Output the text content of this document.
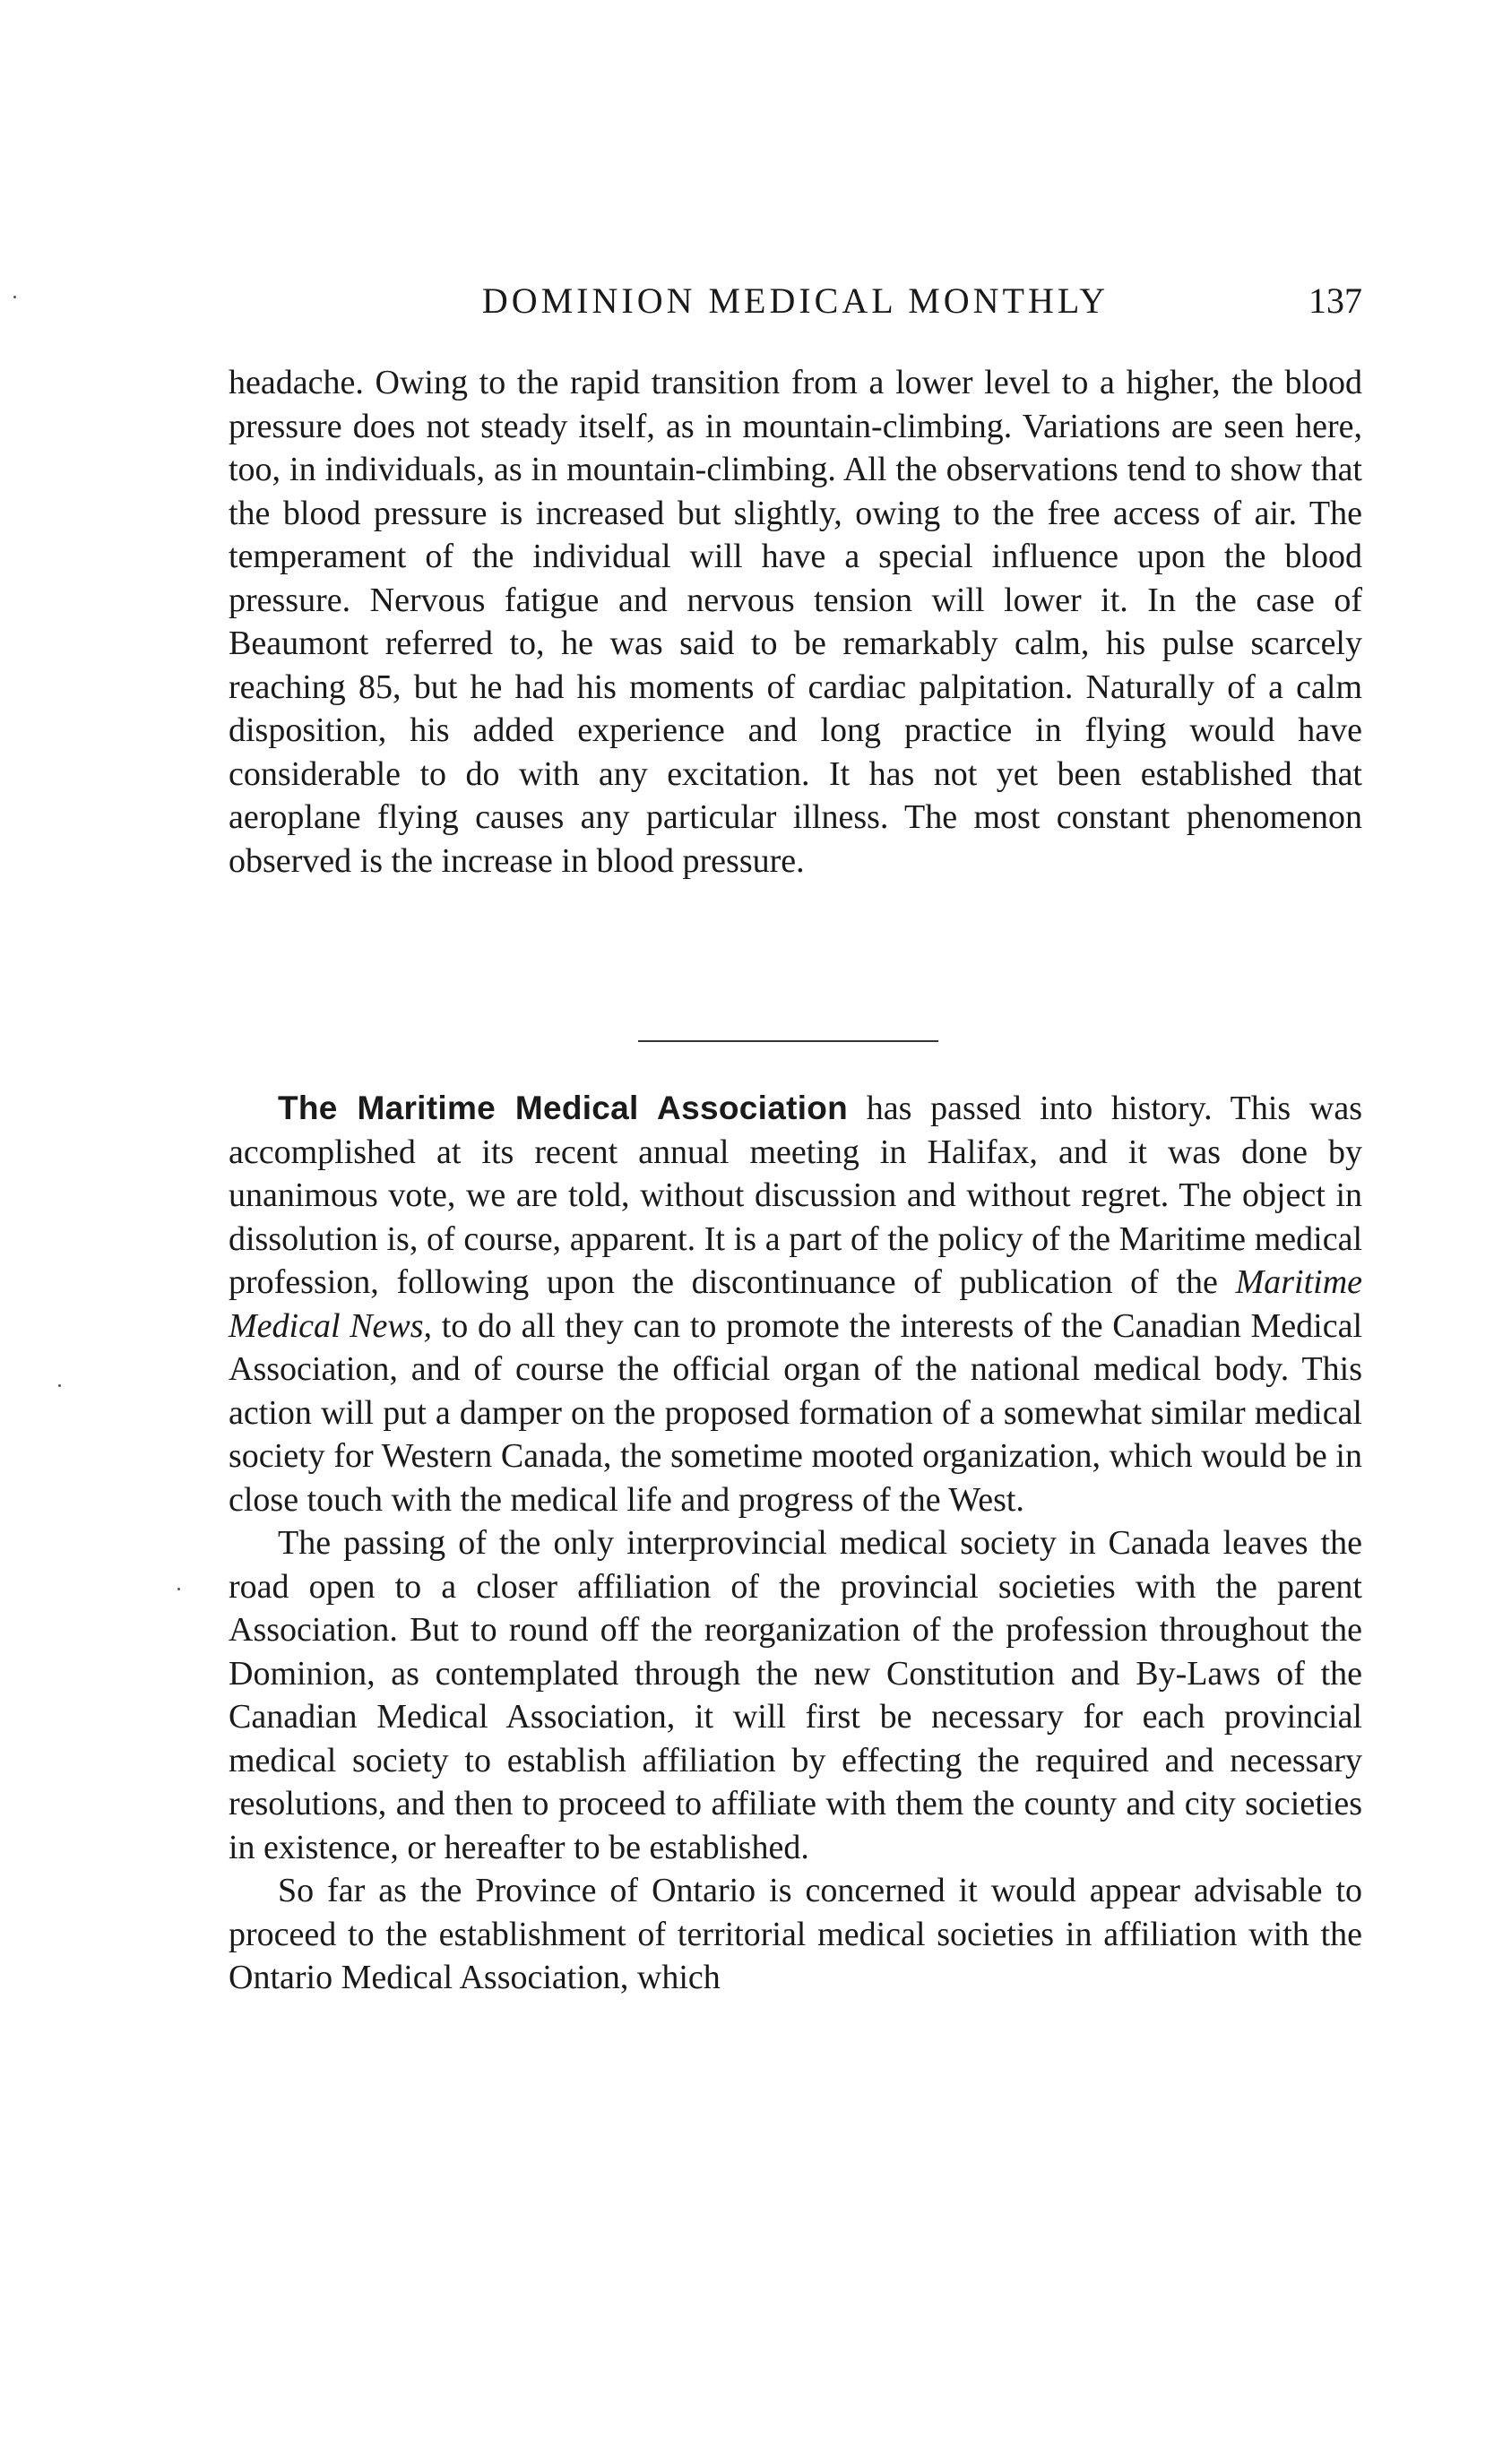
DOMINION MEDICAL MONTHLY	137

headache. Owing to the rapid transition from a lower level to a higher, the blood pressure does not steady itself, as in mountain-climbing. Variations are seen here, too, in individuals, as in mountain-climbing. All the observations tend to show that the blood pressure is increased but slightly, owing to the free access of air. The temperament of the individual will have a special influence upon the blood pressure. Nervous fatigue and nervous tension will lower it. In the case of Beaumont referred to, he was said to be remarkably calm, his pulse scarcely reaching 85, but he had his moments of cardiac palpitation. Naturally of a calm disposition, his added experience and long practice in flying would have considerable to do with any excitation. It has not yet been established that aeroplane flying causes any particular illness. The most constant phenomenon observed is the increase in blood pressure.

The Maritime Medical Association has passed into history. This was accomplished at its recent annual meeting in Halifax, and it was done by unanimous vote, we are told, without discussion and without regret. The object in dissolution is, of course, apparent. It is a part of the policy of the Maritime medical profession, following upon the discontinuance of publication of the Maritime Medical News, to do all they can to promote the interests of the Canadian Medical Association, and of course the official organ of the national medical body. This action will put a damper on the proposed formation of a somewhat similar medical society for Western Canada, the sometime mooted organization, which would be in close touch with the medical life and progress of the West.

The passing of the only interprovincial medical society in Canada leaves the road open to a closer affiliation of the provincial societies with the parent Association. But to round off the reorganization of the profession throughout the Dominion, as contemplated through the new Constitution and By-Laws of the Canadian Medical Association, it will first be necessary for each provincial medical society to establish affiliation by effecting the required and necessary resolutions, and then to proceed to affiliate with them the county and city societies in existence, or hereafter to be established.

So far as the Province of Ontario is concerned it would appear advisable to proceed to the establishment of territorial medical societies in affiliation with the Ontario Medical Association, which
